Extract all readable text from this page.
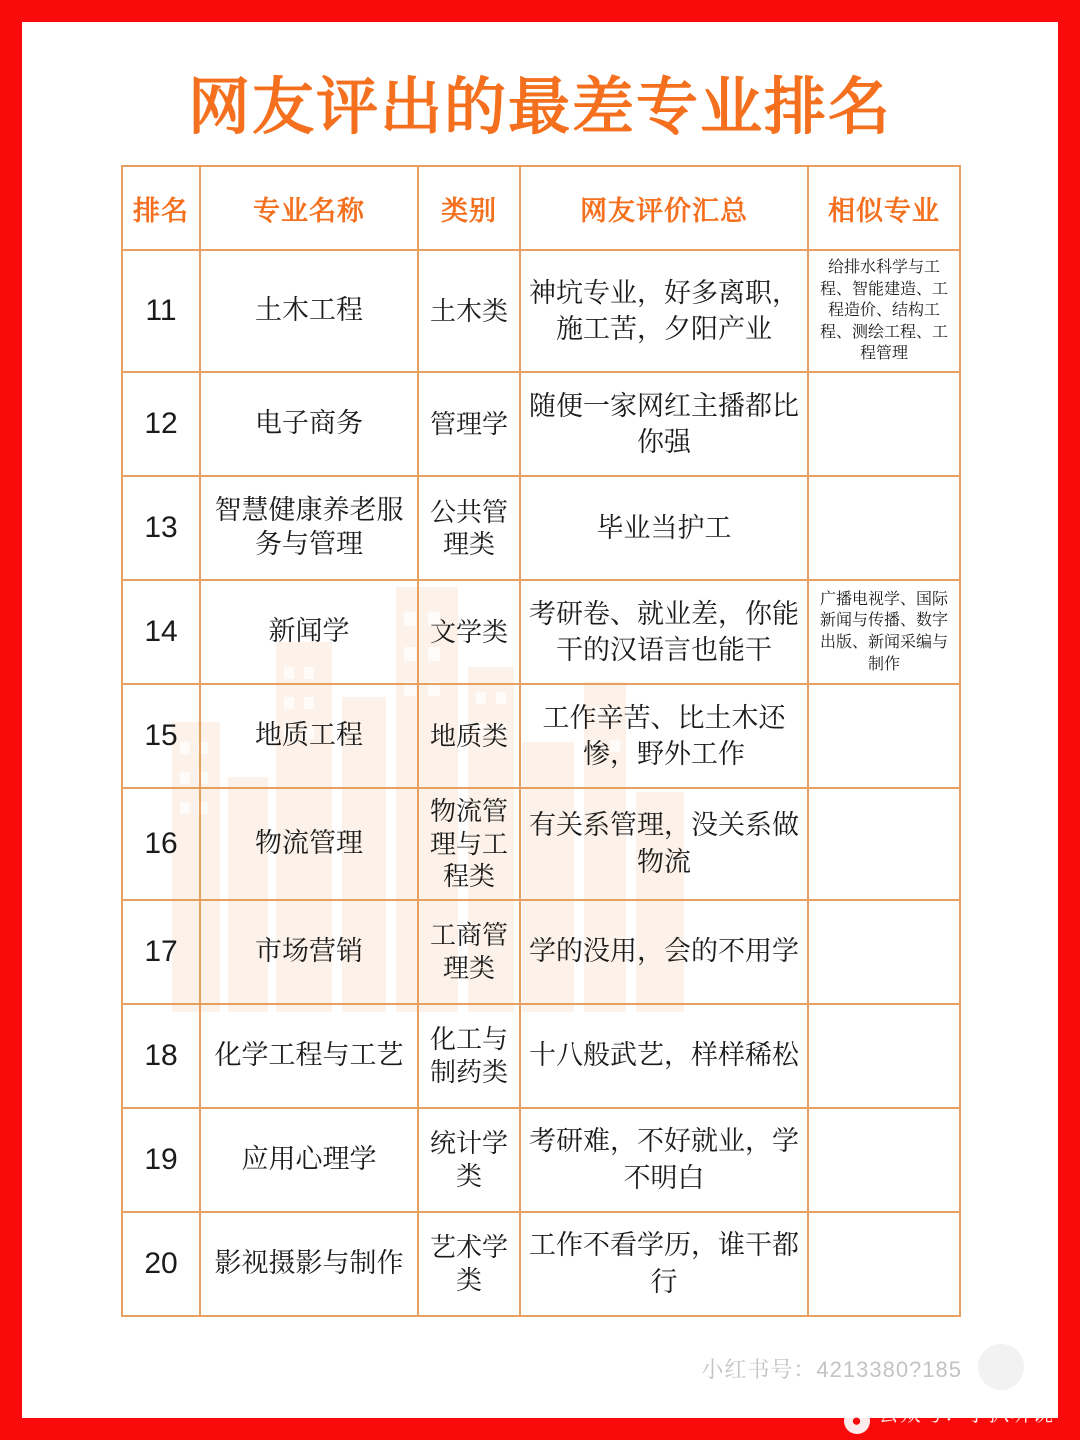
网友评出的最差专业排名
排名	专业名称	类别	网友评价汇总	相似专业
11	土木工程	土木类	神坑专业，好多离职，施工苦，夕阳产业	给排水科学与工程、智能建造、工程造价、结构工程、测绘工程、工程管理
12	电子商务	管理学	随便一家网红主播都比你强	
13	智慧健康养老服务与管理	公共管理类	毕业当护工	
14	新闻学	文学类	考研卷、就业差，你能干的汉语言也能干	广播电视学、国际新闻与传播、数字出版、新闻采编与制作
15	地质工程	地质类	工作辛苦、比土木还惨，野外工作	
16	物流管理	物流管理与工程类	有关系管理，没关系做物流	
17	市场营销	工商管理类	学的没用，会的不用学	
18	化学工程与工艺	化工与制药类	十八般武艺，样样稀松	
19	应用心理学	统计学类	考研难，不好就业，学不明白	
20	影视摄影与制作	艺术学类	工作不看学历，谁干都行	
小红书号：4213380?185
● 公众号：小扒听说
